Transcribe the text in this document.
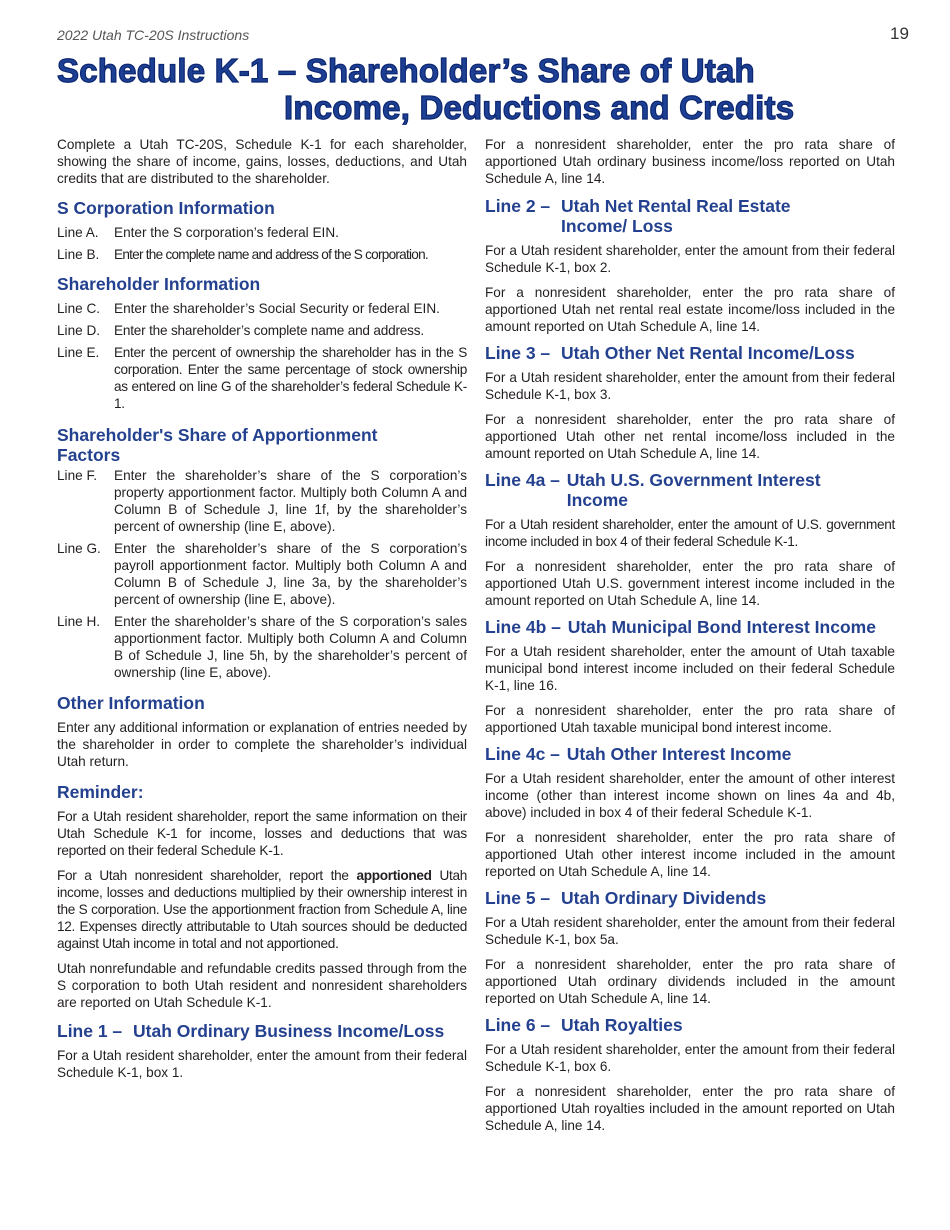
2022 Utah TC-20S Instructions	19
Schedule K-1 – Shareholder’s Share of Utah
Income, Deductions and Credits

Complete a Utah TC-20S, Schedule K-1 for each shareholder, showing the share of income, gains, losses, deductions, and Utah credits that are distributed to the shareholder.

S Corporation Information
Line A.	Enter the S corporation’s federal EIN.
Line B.	Enter the complete name and address of the S corporation.
Shareholder Information
Line C.	Enter the shareholder’s Social Security or federal EIN.
Line D.	Enter the shareholder’s complete name and address.
Line E.	Enter the percent of ownership the shareholder has in the S corporation. Enter the same percentage of stock ownership as entered on line G of the shareholder’s federal Schedule K-1.
Shareholder's Share of Apportionment Factors
Line F.	Enter the shareholder’s share of the S corporation’s property apportionment factor. Multiply both Column A and Column B of Schedule J, line 1f, by the shareholder’s percent of ownership (line E, above).
Line G. Enter the shareholder’s share of the S corporation’s payroll apportionment factor. Multiply both Column A and Column B of Schedule J, line 3a, by the shareholder’s percent of ownership (line E, above).
Line H.	Enter the shareholder’s share of the S corporation’s sales apportionment factor. Multiply both Column A and Column B of Schedule J, line 5h, by the shareholder’s percent of ownership (line E, above).
Other Information

Enter any additional information or explanation of entries needed by the shareholder in order to complete the shareholder’s individual Utah return.

Reminder:

For a Utah resident shareholder, report the same information on their Utah Schedule K-1 for income, losses and deductions that was reported on their federal Schedule K-1.

For a Utah nonresident shareholder, report the apportioned Utah income, losses and deductions multiplied by their ownership interest in the S corporation. Use the apportionment fraction from Schedule A, line 12. Expenses directly attributable to Utah sources should be deducted against Utah income in total and not apportioned.

Utah nonrefundable and refundable credits passed through from the S corporation to both Utah resident and nonresident shareholders are reported on Utah Schedule K-1.

Line 1 – Utah Ordinary Business Income/Loss

For a Utah resident shareholder, enter the amount from their federal Schedule K-1, box 1.

For a nonresident shareholder, enter the pro rata share of apportioned Utah ordinary business income/loss reported on Utah Schedule A, line 14.

Line 2 – Utah Net Rental Real Estate Income/ Loss

For a Utah resident shareholder, enter the amount from their federal Schedule K-1, box 2.

For a nonresident shareholder, enter the pro rata share of apportioned Utah net rental real estate income/loss included in the amount reported on Utah Schedule A, line 14.

Line 3 – Utah Other Net Rental Income/Loss

For a Utah resident shareholder, enter the amount from their federal Schedule K-1, box 3.

For a nonresident shareholder, enter the pro rata share of apportioned Utah other net rental income/loss included in the amount reported on Utah Schedule A, line 14.

Line 4a – Utah U.S. Government Interest Income

For a Utah resident shareholder, enter the amount of U.S. government income included in box 4 of their federal Schedule K-1.

For a nonresident shareholder, enter the pro rata share of apportioned Utah U.S. government interest income included in the amount reported on Utah Schedule A, line 14.

Line 4b – Utah Municipal Bond Interest Income

For a Utah resident shareholder, enter the amount of Utah taxable municipal bond interest income included on their federal Schedule K-1, line 16.

For a nonresident shareholder, enter the pro rata share of apportioned Utah taxable municipal bond interest income.

Line 4c – Utah Other Interest Income

For a Utah resident shareholder, enter the amount of other interest income (other than interest income shown on lines 4a and 4b, above) included in box 4 of their federal Schedule K-1.

For a nonresident shareholder, enter the pro rata share of apportioned Utah other interest income included in the amount reported on Utah Schedule A, line 14.

Line 5 – Utah Ordinary Dividends

For a Utah resident shareholder, enter the amount from their federal Schedule K-1, box 5a.

For a nonresident shareholder, enter the pro rata share of apportioned Utah ordinary dividends included in the amount reported on Utah Schedule A, line 14.

Line 6 – Utah Royalties

For a Utah resident shareholder, enter the amount from their federal Schedule K-1, box 6.

For a nonresident shareholder, enter the pro rata share of apportioned Utah royalties included in the amount reported on Utah Schedule A, line 14.
